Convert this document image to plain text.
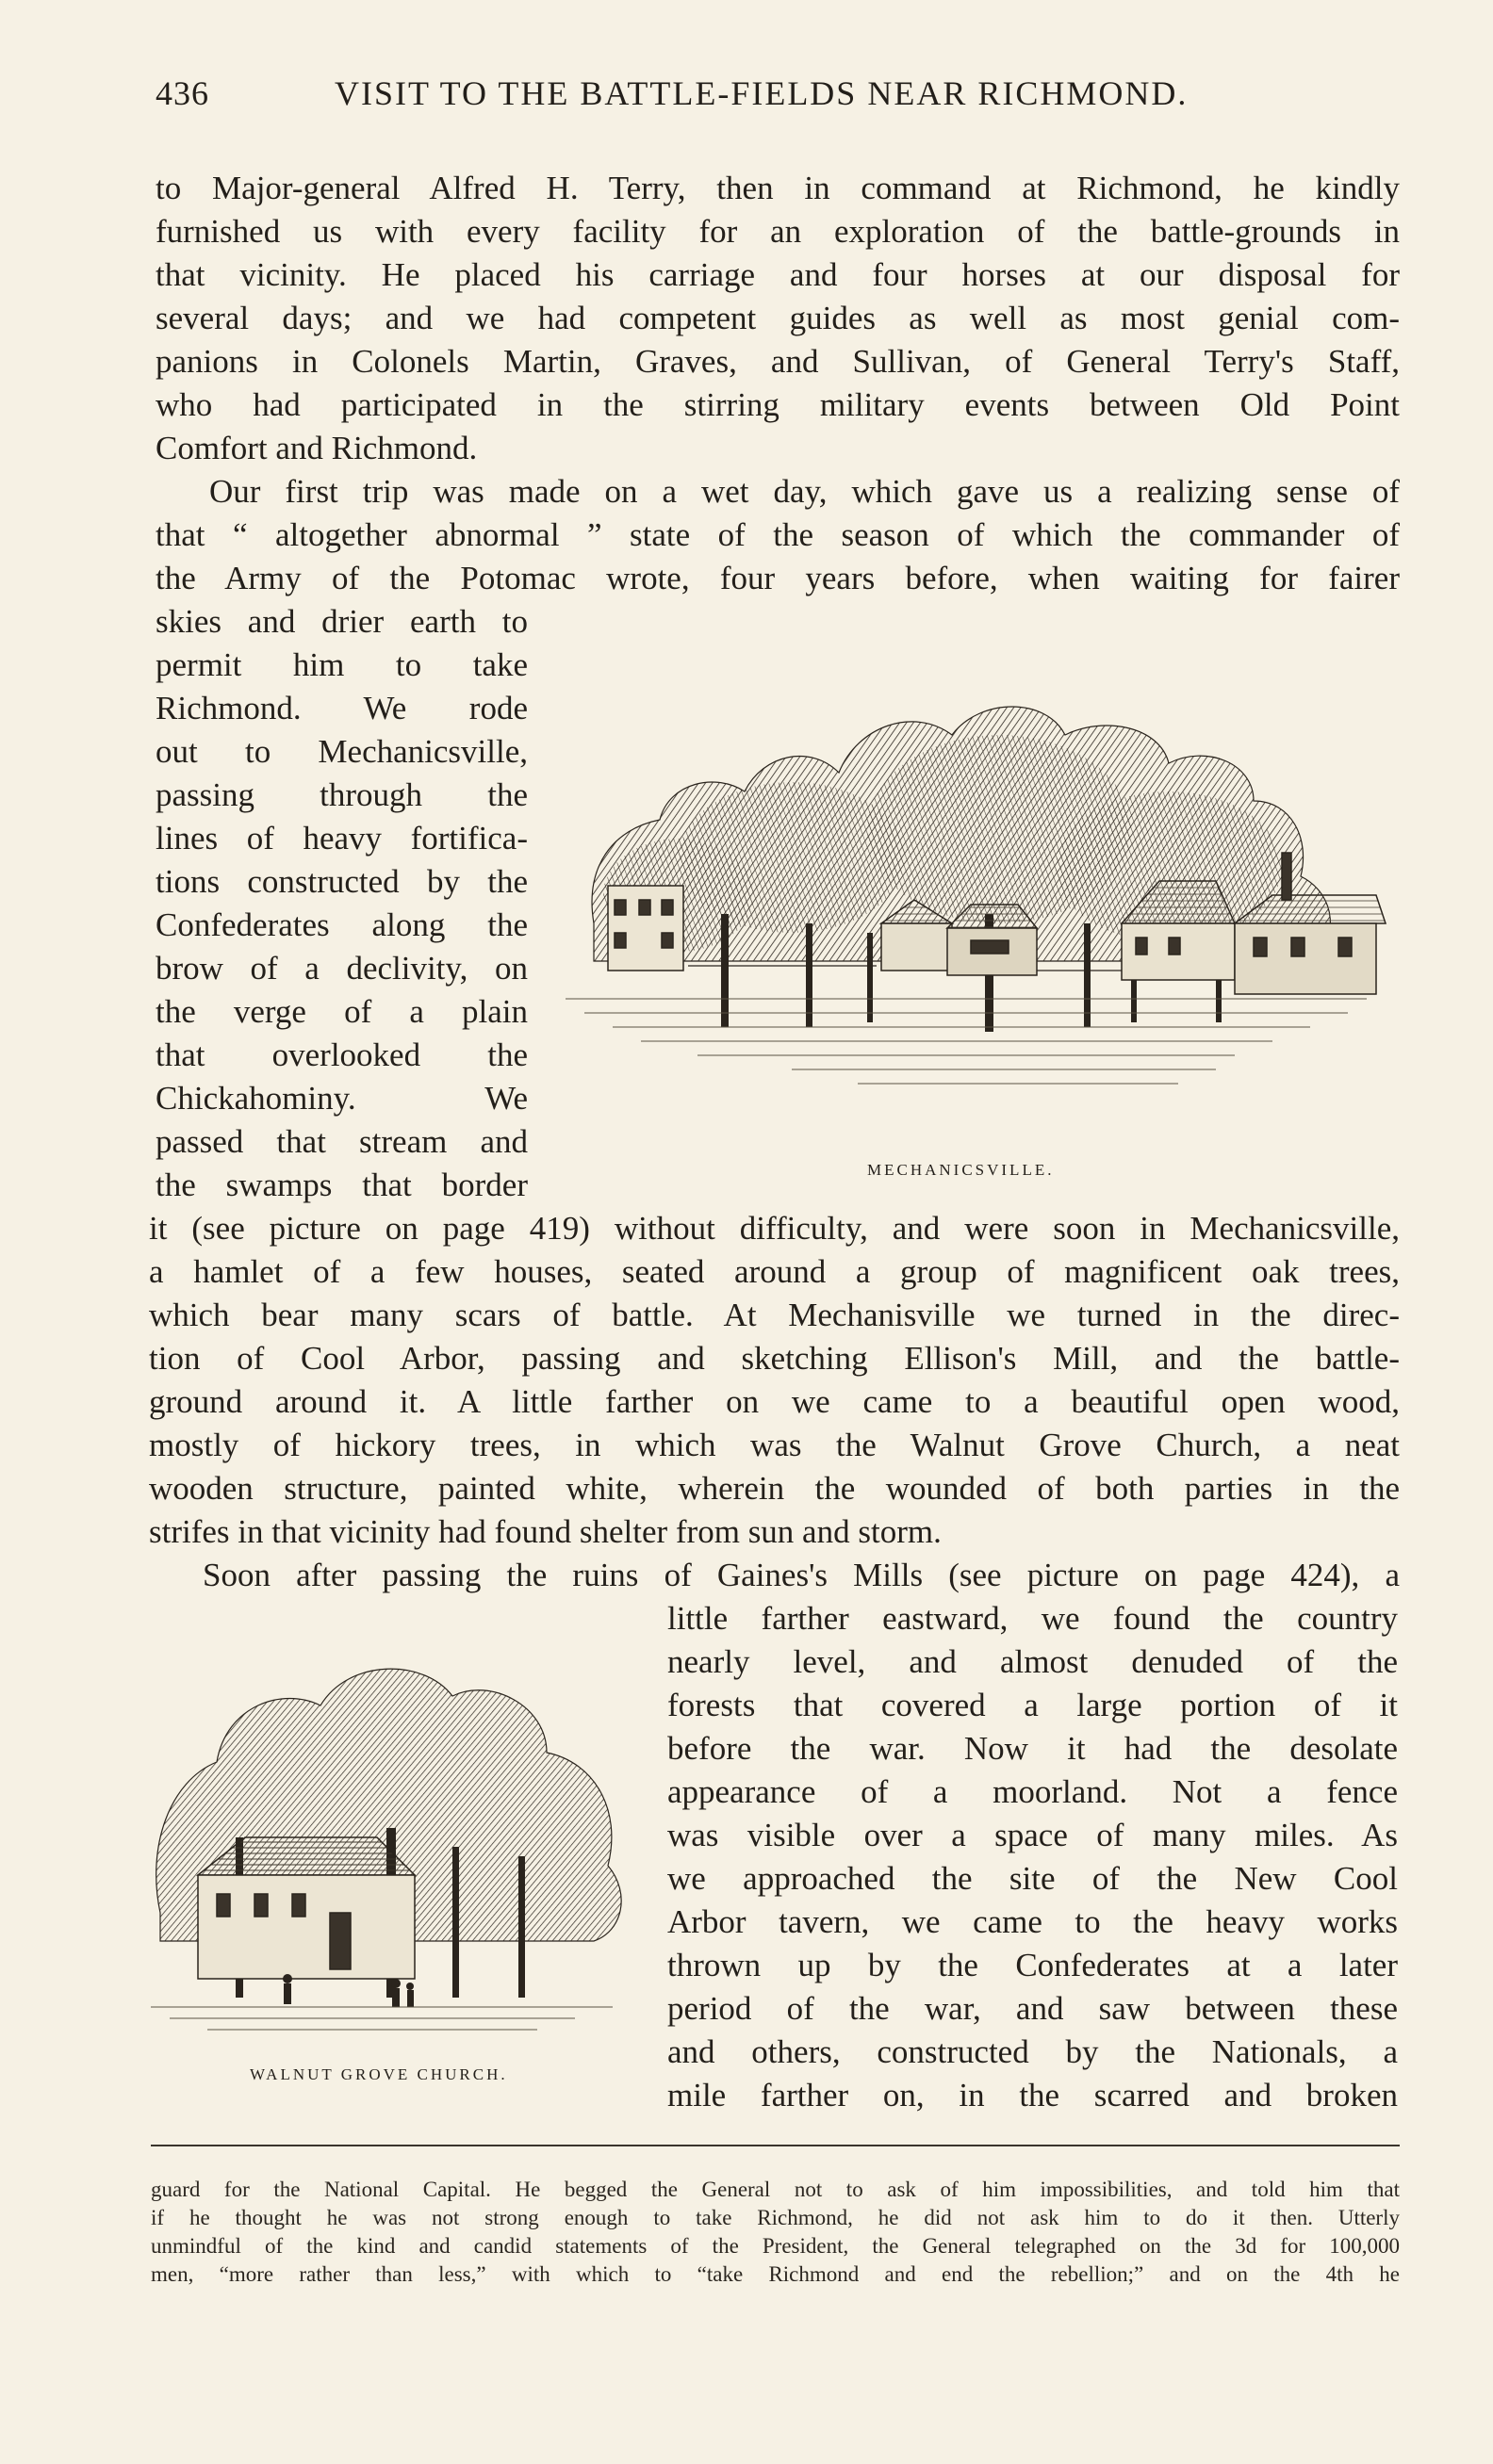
436	VISIT TO THE BATTLE-FIELDS NEAR RICHMOND.
to Major-general Alfred H. Terry, then in command at Richmond, he kindly
furnished us with every facility for an exploration of the battle-grounds in
that vicinity. He placed his carriage and four horses at our disposal for
several days; and we had competent guides as well as most genial com-
panions in Colonels Martin, Graves, and Sullivan, of General Terry's Staff,
who had participated in the stirring military events between Old Point
Comfort and Richmond.
Our first trip was made on a wet day, which gave us a realizing sense of
that “ altogether abnormal ” state of the season of which the commander of
the Army of the Potomac wrote, four years before, when waiting for fairer
skies and drier earth to
permit him to take
Richmond. We rode
out to Mechanicsville,
passing through the
lines of heavy fortifica-
tions constructed by the
Confederates along the
brow of a declivity, on
the verge of a plain
that overlooked the
Chickahominy. We
passed that stream and
the swamps that border	MECHANICSVILLE.
it (see picture on page 419) without difficulty, and were soon in Mechanicsville,
a hamlet of a few houses, seated around a group of magnificent oak trees,
which bear many scars of battle. At Mechanisville we turned in the direc-
tion of Cool Arbor, passing and sketching Ellison's Mill, and the battle-
ground around it. A little farther on we came to a beautiful open wood,
mostly of hickory trees, in which was the Walnut Grove Church, a neat
wooden structure, painted white, wherein the wounded of both parties in the
strifes in that vicinity had found shelter from sun and storm.
Soon after passing the ruins of Gaines's Mills (see picture on page 424), a
WALNUT GROVE CHURCH.
little farther eastward, we found the country
nearly level, and almost denuded of the
forests that covered a large portion of it
before the war. Now it had the desolate
appearance of a moorland. Not a fence
was visible over a space of many miles. As
we approached the site of the New Cool
Arbor tavern, we came to the heavy works
thrown up by the Confederates at a later
period of the war, and saw between these
and others, constructed by the Nationals, a
mile farther on, in the scarred and broken
guard for the National Capital. He begged the General not to ask of him impossibilities, and told him that
if he thought he was not strong enough to take Richmond, he did not ask him to do it then. Utterly
unmindful of the kind and candid statements of the President, the General telegraphed on the 3d for 100,000
men, “more rather than less,” with which to “take Richmond and end the rebellion;” and on the 4th he
